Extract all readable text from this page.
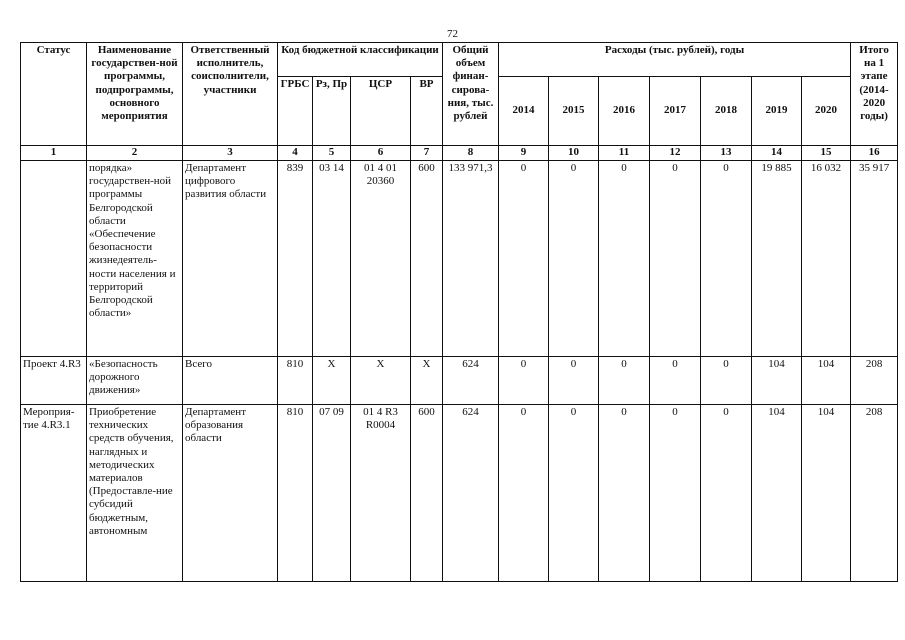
72
Статус	Наименование государствен-ной программы, подпрограммы, основного мероприятия	Ответственный исполнитель, соисполнители, участники	Код бюджетной классификации				Общий объем финан-сирова-ния, тыс. рублей	Расходы (тыс. рублей), годы							Итого на 1 этапе (2014-2020 годы)
			ГРБС	Рз, Пр	ЦСР	ВР		2014	2015	2016	2017	2018	2019	2020	
1	2	3	4	5	6	7	8	9	10	11	12	13	14	15	16
	порядка» государствен-ной программы Белгородской области «Обеспечение безопасности жизнедеятель-ности населения и территорий Белгородской области»	Департамент цифрового развития области	839	03 14	01 4 01 20360	600	133 971,3	0	0	0	0	0	19 885	16 032	35 917
Проект 4.R3	«Безопасность дорожного движения»	Всего	810	X	X	X	624	0	0	0	0	0	104	104	208
Мероприя-тие 4.R3.1	Приобретение технических средств обучения, наглядных и методических материалов (Предоставле-ние субсидий бюджетным, автономным	Департамент образования области	810	07 09	01 4 R3 R0004	600	624	0	0	0	0	0	104	104	208
